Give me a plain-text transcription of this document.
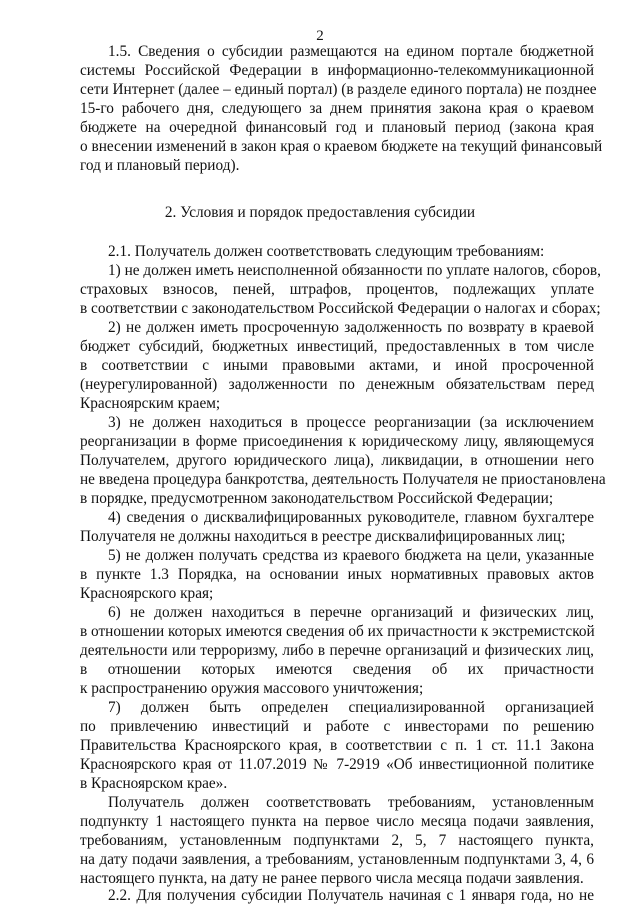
2
1.5. Сведения о субсидии размещаются на едином портале бюджетной
системы Российской Федерации в информационно-телекоммуникационной
сети Интернет (далее – единый портал) (в разделе единого портала) не позднее
15-го рабочего дня, следующего за днем принятия закона края о краевом
бюджете на очередной финансовый год и плановый период (закона края
о внесении изменений в закон края о краевом бюджете на текущий финансовый
год и плановый период).
2. Условия и порядок предоставления субсидии
2.1. Получатель должен соответствовать следующим требованиям:
1) не должен иметь неисполненной обязанности по уплате налогов, сборов,
страховых взносов, пеней, штрафов, процентов, подлежащих уплате
в соответствии с законодательством Российской Федерации о налогах и сборах;
2) не должен иметь просроченную задолженность по возврату в краевой
бюджет субсидий, бюджетных инвестиций, предоставленных в том числе
в соответствии с иными правовыми актами, и иной просроченной
(неурегулированной) задолженности по денежным обязательствам перед
Красноярским краем;
3) не должен находиться в процессе реорганизации (за исключением
реорганизации в форме присоединения к юридическому лицу, являющемуся
Получателем, другого юридического лица), ликвидации, в отношении него
не введена процедура банкротства, деятельность Получателя не приостановлена
в порядке, предусмотренном законодательством Российской Федерации;
4) сведения о дисквалифицированных руководителе, главном бухгалтере
Получателя не должны находиться в реестре дисквалифицированных лиц;
5) не должен получать средства из краевого бюджета на цели, указанные
в пункте 1.3 Порядка, на основании иных нормативных правовых актов
Красноярского края;
6) не должен находиться в перечне организаций и физических лиц,
в отношении которых имеются сведения об их причастности к экстремистской
деятельности или терроризму, либо в перечне организаций и физических лиц,
в отношении которых имеются сведения об их причастности
к распространению оружия массового уничтожения;
7) должен быть определен специализированной организацией
по привлечению инвестиций и работе с инвесторами по решению
Правительства Красноярского края, в соответствии с п. 1 ст. 11.1 Закона
Красноярского края от 11.07.2019 № 7-2919 «Об инвестиционной политике
в Красноярском крае».
Получатель должен соответствовать требованиям, установленным
подпункту 1 настоящего пункта на первое число месяца подачи заявления,
требованиям, установленным подпунктами 2, 5, 7 настоящего пункта,
на дату подачи заявления, а требованиям, установленным подпунктами 3, 4, 6
настоящего пункта, на дату не ранее первого числа месяца подачи заявления.
2.2. Для получения субсидии Получатель начиная с 1 января года, но не
